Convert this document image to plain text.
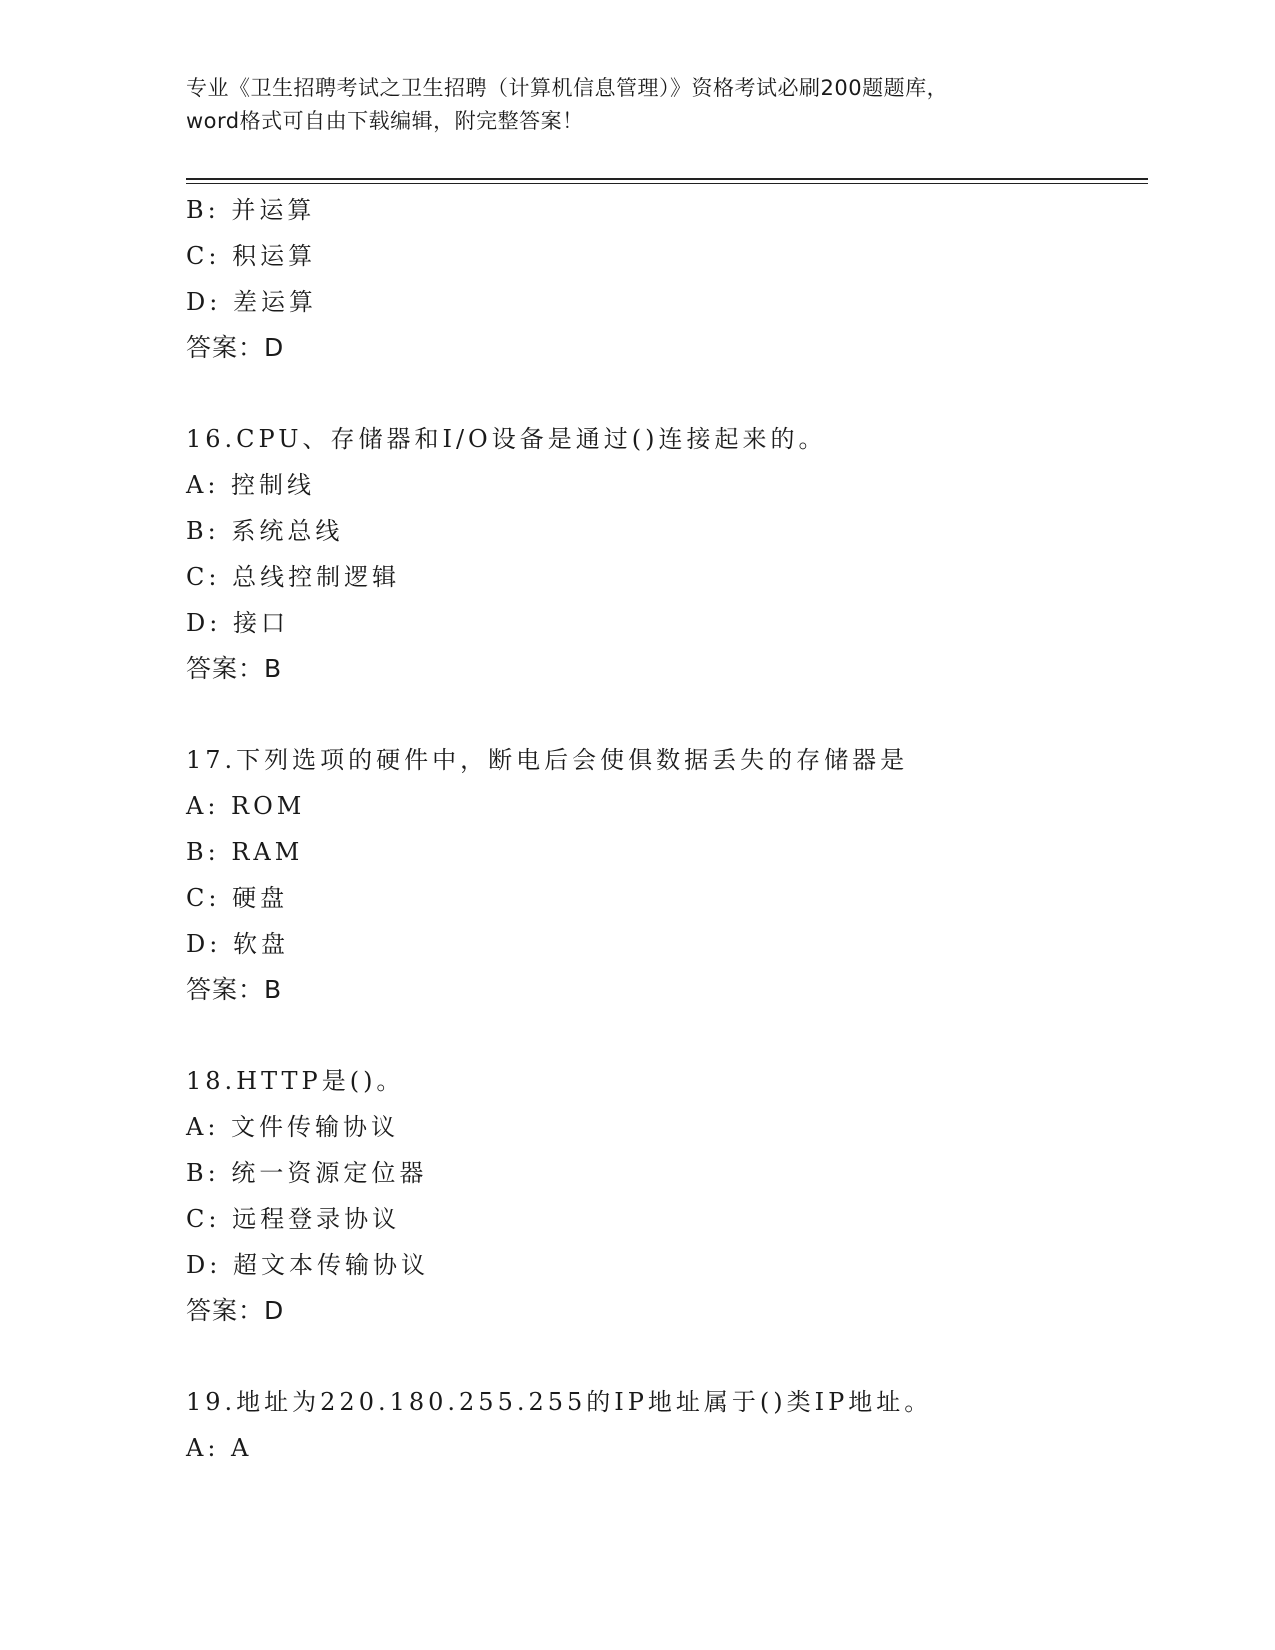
专业《卫生招聘考试之卫生招聘（计算机信息管理）》资格考试必刷200题题库，
word格式可自由下载编辑，附完整答案！
B: 并运算
C: 积运算
D: 差运算
答案：D
16.CPU、存储器和I/O设备是通过()连接起来的。
A: 控制线
B: 系统总线
C: 总线控制逻辑
D: 接口
答案：B
17.下列选项的硬件中，断电后会使俱数据丢失的存储器是
A: ROM
B: RAM
C: 硬盘
D: 软盘
答案：B
18.HTTP是()。
A: 文件传输协议
B: 统一资源定位器
C: 远程登录协议
D: 超文本传输协议
答案：D
19.地址为220.180.255.255的IP地址属于()类IP地址。
A: A
